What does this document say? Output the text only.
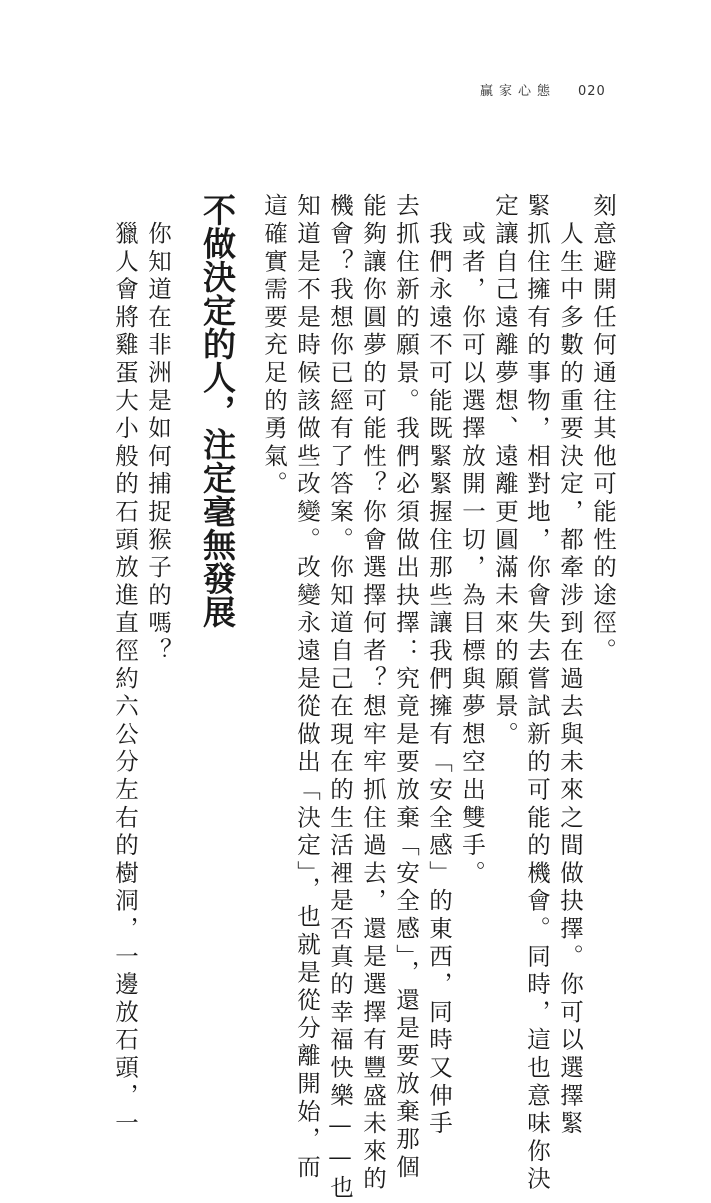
贏家心態 020
刻意避開任何通往其他可能性的途徑。
　人生中多數的重要決定，都牽涉到在過去與未來之間做抉擇。你可以選擇緊
緊抓住擁有的事物，相對地，你會失去嘗試新的可能的機會。同時，這也意味你決
定讓自己遠離夢想、遠離更圓滿未來的願景。
　或者，你可以選擇放開一切，為目標與夢想空出雙手。
　我們永遠不可能既緊緊握住那些讓我們擁有「安全感」的東西，同時又伸手
去抓住新的願景。我們必須做出抉擇：究竟是要放棄「安全感」，還是要放棄那個
能夠讓你圓夢的可能性？你會選擇何者？想牢牢抓住過去，還是選擇有豐盛未來的
機會？我想你已經有了答案。你知道自己在現在的生活裡是否真的幸福快樂——也
知道是不是時候該做些改變。改變永遠是從做出「決定」，也就是從分離開始，而
這確實需要充足的勇氣。
不做決定的人，注定毫無發展
　你知道在非洲是如何捕捉猴子的嗎？
　獵人會將雞蛋大小般的石頭放進直徑約六公分左右的樹洞，一邊放石頭，一
